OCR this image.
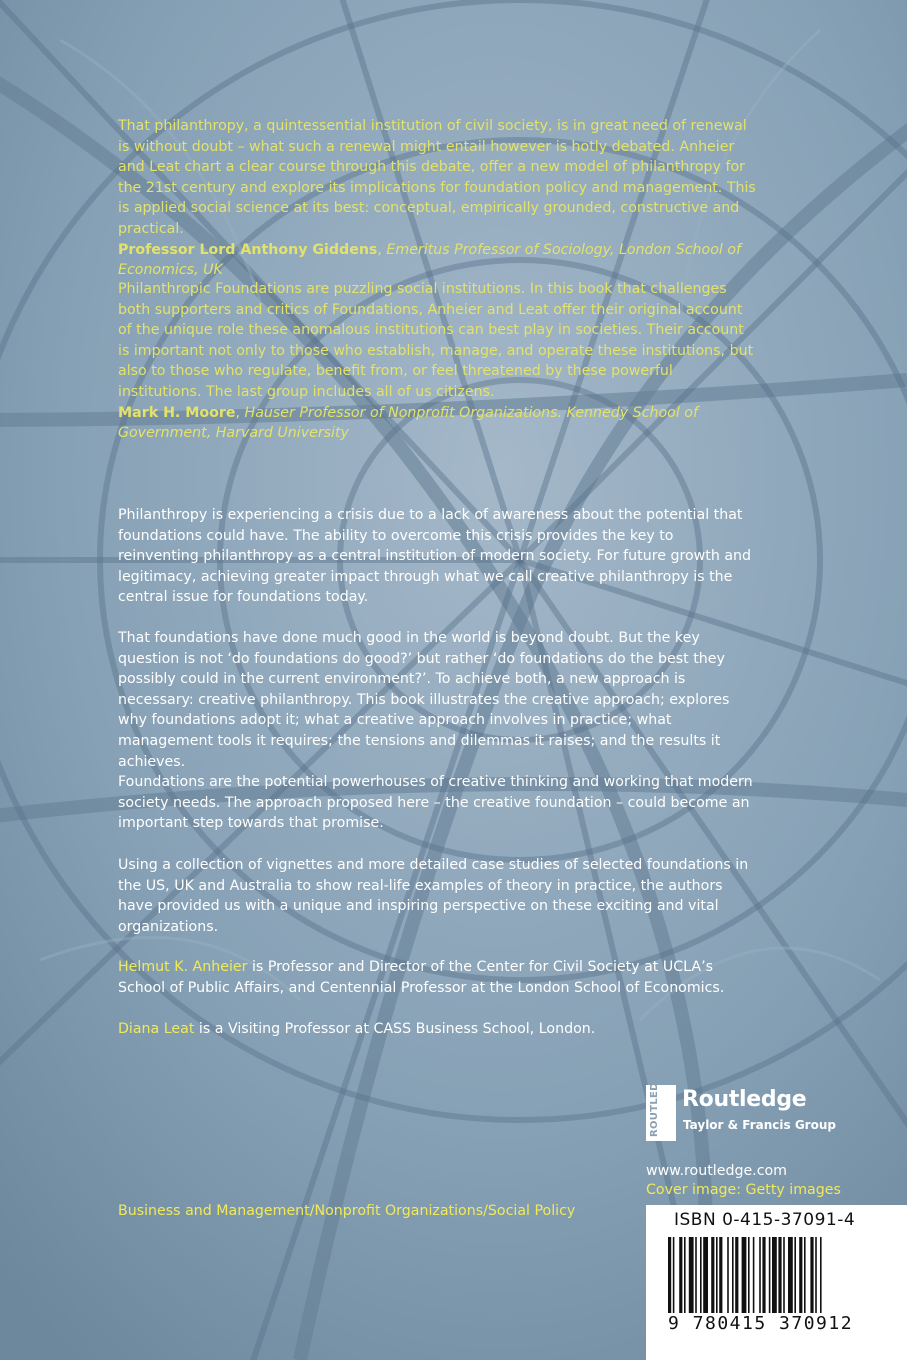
That philanthropy, a quintessential institution of civil society, is in great need of renewal is without doubt – what such a renewal might entail however is hotly debated. Anheier and Leat chart a clear course through this debate, offer a new model of philanthropy for the 21st century and explore its implications for foundation policy and management. This is applied social science at its best: conceptual, empirically grounded, constructive and practical.

Professor Lord Anthony Giddens, Emeritus Professor of Sociology, London School of Economics, UK

Philanthropic Foundations are puzzling social institutions. In this book that challenges both supporters and critics of Foundations, Anheier and Leat offer their original account of the unique role these anomalous institutions can best play in societies. Their account is important not only to those who establish, manage, and operate these institutions, but also to those who regulate, benefit from, or feel threatened by these powerful institutions. The last group includes all of us citizens.

Mark H. Moore, Hauser Professor of Nonprofit Organizations. Kennedy School of Government, Harvard University

Philanthropy is experiencing a crisis due to a lack of awareness about the potential that foundations could have. The ability to overcome this crisis provides the key to reinventing philanthropy as a central institution of modern society. For future growth and legitimacy, achieving greater impact through what we call creative philanthropy is the central issue for foundations today.

That foundations have done much good in the world is beyond doubt. But the key question is not ‘do foundations do good?’ but rather ‘do foundations do the best they possibly could in the current environment?’. To achieve both, a new approach is necessary: creative philanthropy. This book illustrates the creative approach; explores why foundations adopt it; what a creative approach involves in practice; what management tools it requires; the tensions and dilemmas it raises; and the results it achieves.

Foundations are the potential powerhouses of creative thinking and working that modern society needs. The approach proposed here – the creative foundation – could become an important step towards that promise.

Using a collection of vignettes and more detailed case studies of selected foundations in the US, UK and Australia to show real-life examples of theory in practice, the authors have provided us with a unique and inspiring perspective on these exciting and vital organizations.

Helmut K. Anheier is Professor and Director of the Center for Civil Society at UCLA’s School of Public Affairs, and Centennial Professor at the London School of Economics.

Diana Leat is a Visiting Professor at CASS Business School, London.

ROUTLEDGE Routledge
Taylor & Francis Group
www.routledge.com
Cover image: Getty images
Business and Management/Nonprofit Organizations/Social Policy	ISBN 0-415-37091-4
9 780415 370912
